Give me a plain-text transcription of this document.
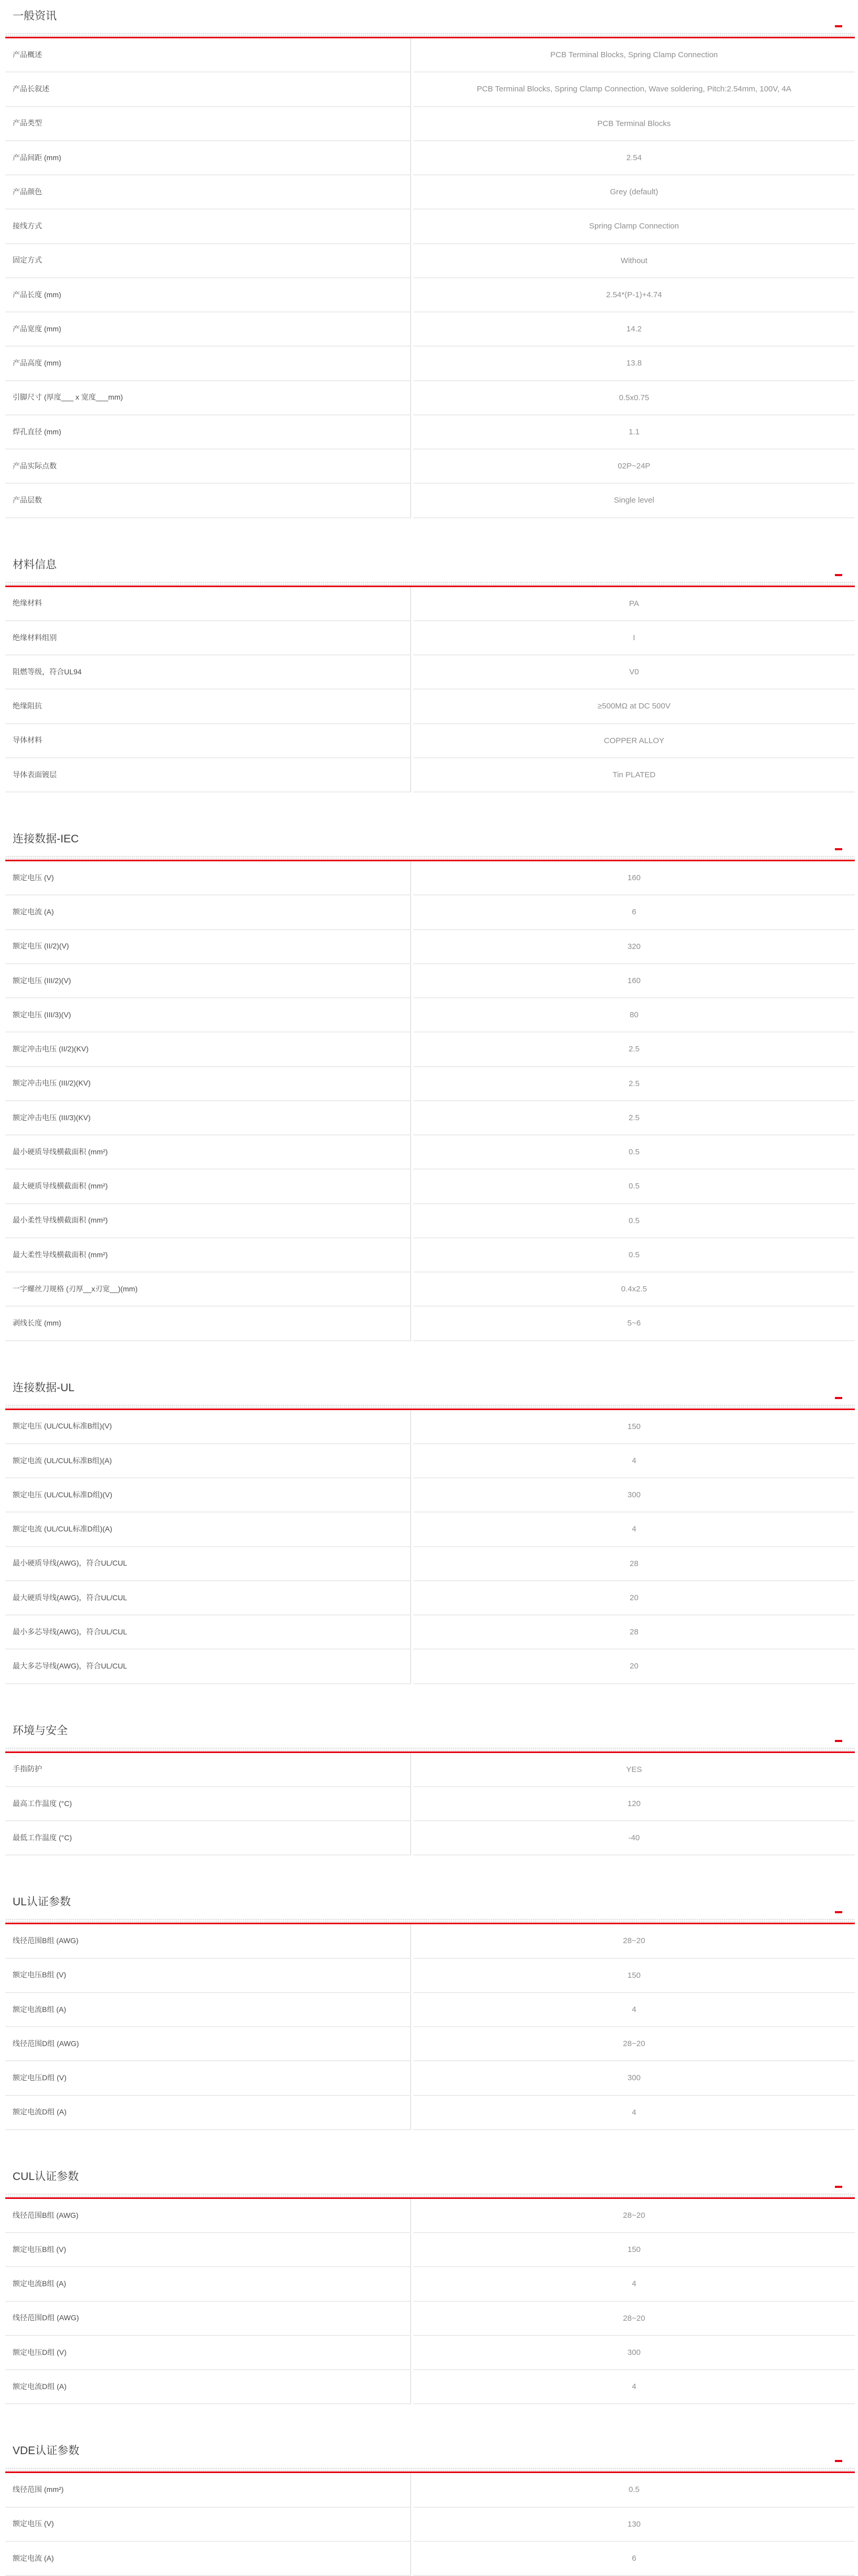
一般资讯
产品概述	PCB Terminal Blocks, Spring Clamp Connection
产品长叙述	PCB Terminal Blocks, Spring Clamp Connection, Wave soldering, Pitch:2.54mm, 100V, 4A
产品类型	PCB Terminal Blocks
产品间距 (mm)	2.54
产品颜色	Grey (default)
接线方式	Spring Clamp Connection
固定方式	Without
产品长度 (mm)	2.54*(P-1)+4.74
产品宽度 (mm)	14.2
产品高度 (mm)	13.8
引脚尺寸 (厚度___ x 宽度___mm)	0.5x0.75
焊孔直径 (mm)	1.1
产品实际点数	02P~24P
产品层数	Single level
材料信息
绝缘材料	PA
绝缘材料组别	I
阻燃等级，符合UL94	V0
绝缘阻抗	≥500MΩ at DC 500V
导体材料	COPPER ALLOY
导体表面镀层	Tin PLATED
连接数据-IEC
额定电压 (V)	160
额定电流 (A)	6
额定电压 (II/2)(V)	320
额定电压 (III/2)(V)	160
额定电压 (III/3)(V)	80
额定冲击电压 (II/2)(KV)	2.5
额定冲击电压 (III/2)(KV)	2.5
额定冲击电压 (III/3)(KV)	2.5
最小硬质导线横截面积 (mm²)	0.5
最大硬质导线横截面积 (mm²)	0.5
最小柔性导线横截面积 (mm²)	0.5
最大柔性导线横截面积 (mm²)	0.5
一字螺丝刀规格 (刃厚__x刃宽__)(mm)	0.4x2.5
剥线长度 (mm)	5~6
连接数据-UL
额定电压 (UL/CUL标准B组)(V)	150
额定电流 (UL/CUL标准B组)(A)	4
额定电压 (UL/CUL标准D组)(V)	300
额定电流 (UL/CUL标准D组)(A)	4
最小硬质导线(AWG)，符合UL/CUL	28
最大硬质导线(AWG)，符合UL/CUL	20
最小多芯导线(AWG)，符合UL/CUL	28
最大多芯导线(AWG)，符合UL/CUL	20
环境与安全
手指防护	YES
最高工作温度 (°C)	120
最低工作温度 (°C)	-40
UL认证参数
线径范围B组 (AWG)	28~20
额定电压B组 (V)	150
额定电流B组 (A)	4
线径范围D组 (AWG)	28~20
额定电压D组 (V)	300
额定电流D组 (A)	4
CUL认证参数
线径范围B组 (AWG)	28~20
额定电压B组 (V)	150
额定电流B组 (A)	4
线径范围D组 (AWG)	28~20
额定电压D组 (V)	300
额定电流D组 (A)	4
VDE认证参数
线径范围 (mm²)	0.5
额定电压 (V)	130
额定电流 (A)	6
